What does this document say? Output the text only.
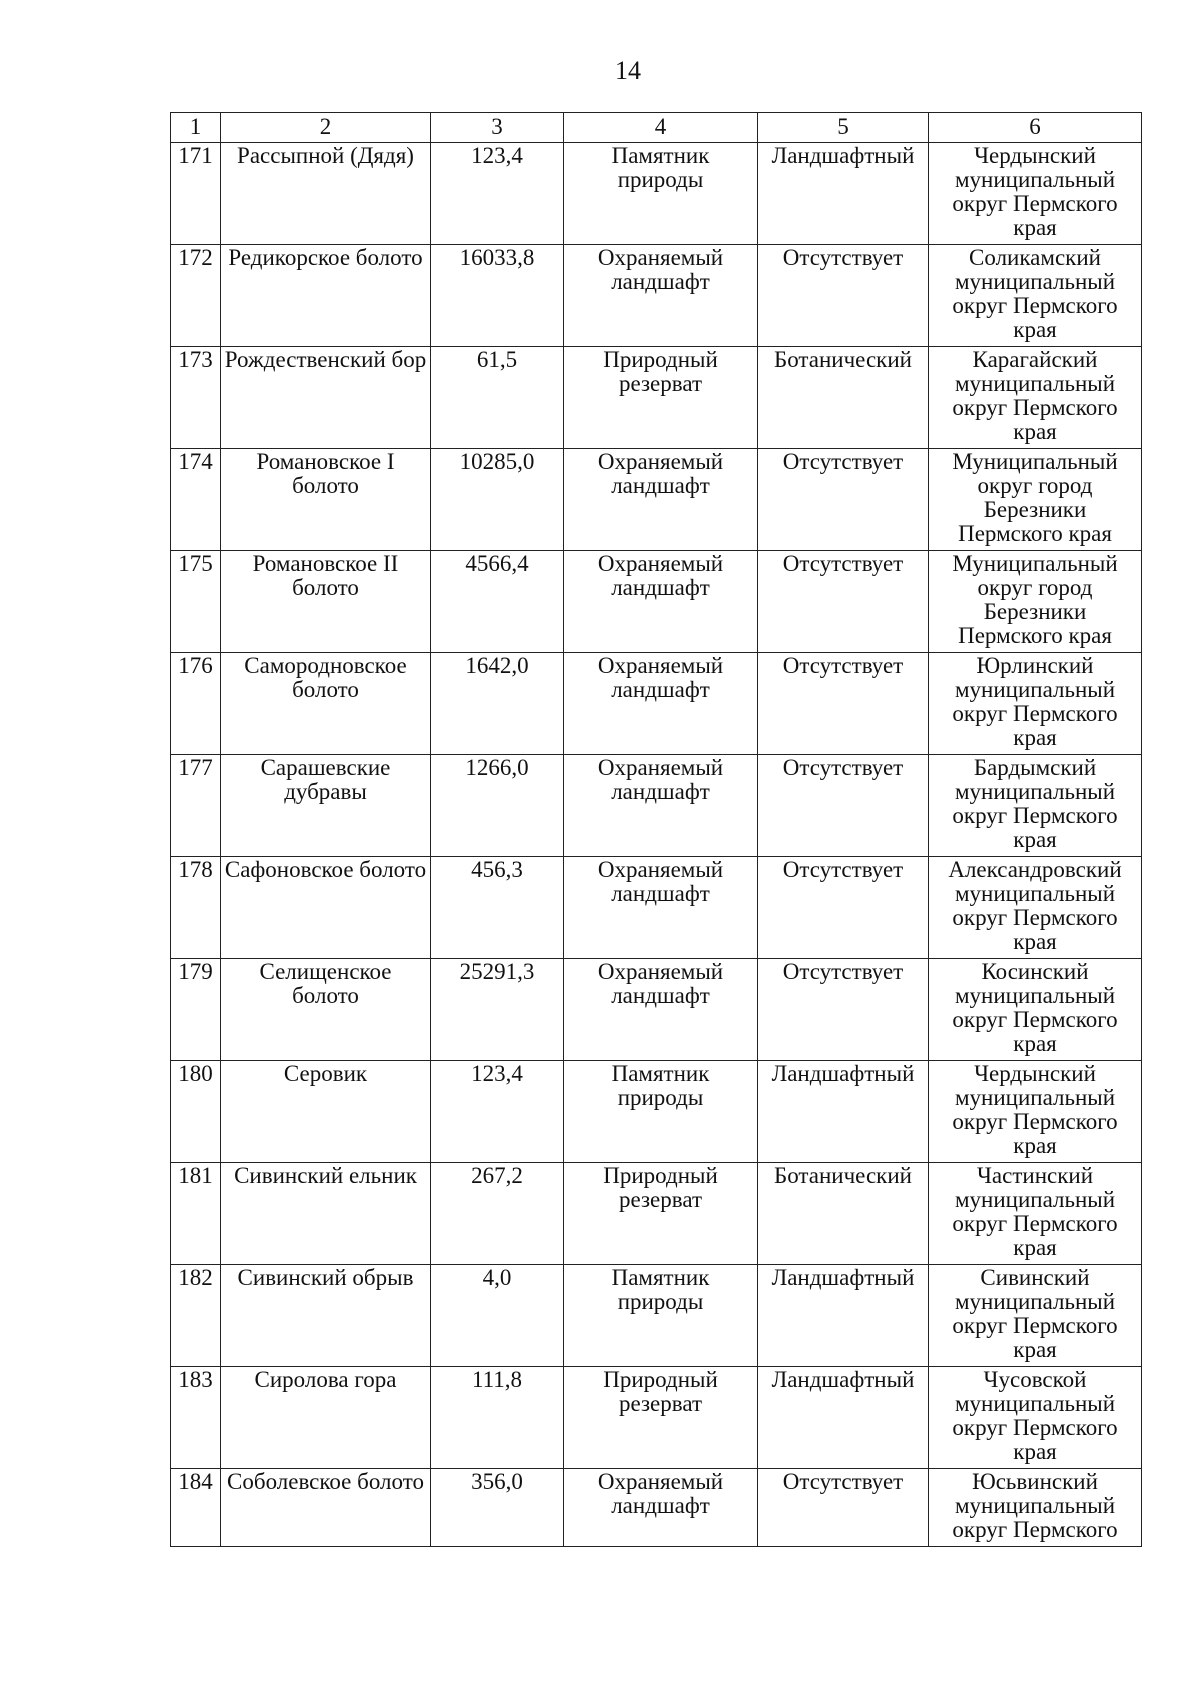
14
1	2	3	4	5	6
171	Рассыпной (Дядя)	123,4	Памятник природы	Ландшафтный	Чердынский муниципальный округ Пермского края
172	Редикорское болото	16033,8	Охраняемый ландшафт	Отсутствует	Соликамский муниципальный округ Пермского края
173	Рождественский бор	61,5	Природный резерват	Ботанический	Карагайский муниципальный округ Пермского края
174	Романовское I болото	10285,0	Охраняемый ландшафт	Отсутствует	Муниципальный округ город Березники Пермского края
175	Романовское II болото	4566,4	Охраняемый ландшафт	Отсутствует	Муниципальный округ город Березники Пермского края
176	Самородновское болото	1642,0	Охраняемый ландшафт	Отсутствует	Юрлинский муниципальный округ Пермского края
177	Сарашевские дубравы	1266,0	Охраняемый ландшафт	Отсутствует	Бардымский муниципальный округ Пермского края
178	Сафоновское болото	456,3	Охраняемый ландшафт	Отсутствует	Александровский муниципальный округ Пермского края
179	Селищенское болото	25291,3	Охраняемый ландшафт	Отсутствует	Косинский муниципальный округ Пермского края
180	Серовик	123,4	Памятник природы	Ландшафтный	Чердынский муниципальный округ Пермского края
181	Сивинский ельник	267,2	Природный резерват	Ботанический	Частинский муниципальный округ Пермского края
182	Сивинский обрыв	4,0	Памятник природы	Ландшафтный	Сивинский муниципальный округ Пермского края
183	Сиролова гора	111,8	Природный резерват	Ландшафтный	Чусовской муниципальный округ Пермского края
184	Соболевское болото	356,0	Охраняемый ландшафт	Отсутствует	Юсьвинский муниципальный округ Пермского
